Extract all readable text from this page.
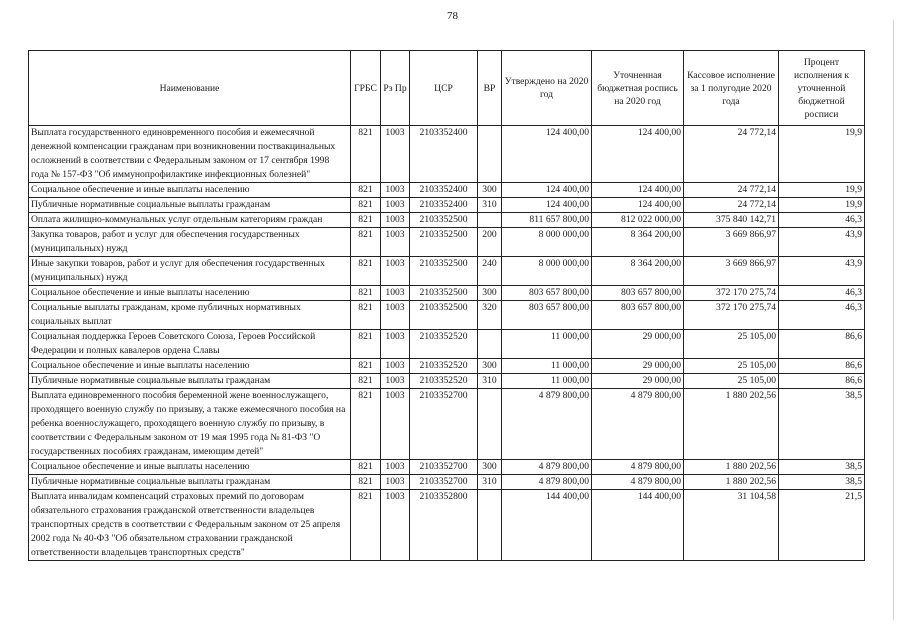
78
Наименование	ГРБС	Рз Пр	ЦСР	ВР	Утверждено на 2020 год	Уточненная бюджетная роспись на 2020 год	Кассовое исполнение за 1 полугодие 2020 года	Процент исполнения к уточненной бюджетной росписи
Выплата государственного единовременного пособия и ежемесячной денежной компенсации гражданам при возникновении поствакцинальных осложнений в соответствии с Федеральным законом от 17 сентября 1998 года № 157-ФЗ "Об иммунопрофилактике инфекционных болезней"	821	1003	2103352400		124 400,00	124 400,00	24 772,14	19,9
Социальное обеспечение и иные выплаты населению	821	1003	2103352400	300	124 400,00	124 400,00	24 772,14	19,9
Публичные нормативные социальные выплаты гражданам	821	1003	2103352400	310	124 400,00	124 400,00	24 772,14	19,9
Оплата жилищно-коммунальных услуг отдельным категориям граждан	821	1003	2103352500		811 657 800,00	812 022 000,00	375 840 142,71	46,3
Закупка товаров, работ и услуг для обеспечения государственных (муниципальных) нужд	821	1003	2103352500	200	8 000 000,00	8 364 200,00	3 669 866,97	43,9
Иные закупки товаров, работ и услуг для обеспечения государственных (муниципальных) нужд	821	1003	2103352500	240	8 000 000,00	8 364 200,00	3 669 866,97	43,9
Социальное обеспечение и иные выплаты населению	821	1003	2103352500	300	803 657 800,00	803 657 800,00	372 170 275,74	46,3
Социальные выплаты гражданам, кроме публичных нормативных социальных выплат	821	1003	2103352500	320	803 657 800,00	803 657 800,00	372 170 275,74	46,3
Социальная поддержка Героев Советского Союза, Героев Российской Федерации и полных кавалеров ордена Славы	821	1003	2103352520		11 000,00	29 000,00	25 105,00	86,6
Социальное обеспечение и иные выплаты населению	821	1003	2103352520	300	11 000,00	29 000,00	25 105,00	86,6
Публичные нормативные социальные выплаты гражданам	821	1003	2103352520	310	11 000,00	29 000,00	25 105,00	86,6
Выплата единовременного пособия беременной жене военнослужащего, проходящего военную службу по призыву, а также ежемесячного пособия на ребенка военнослужащего, проходящего военную службу по призыву, в соответствии с Федеральным законом от 19 мая 1995 года № 81-ФЗ "О государственных пособиях гражданам, имеющим детей"	821	1003	2103352700		4 879 800,00	4 879 800,00	1 880 202,56	38,5
Социальное обеспечение и иные выплаты населению	821	1003	2103352700	300	4 879 800,00	4 879 800,00	1 880 202,56	38,5
Публичные нормативные социальные выплаты гражданам	821	1003	2103352700	310	4 879 800,00	4 879 800,00	1 880 202,56	38,5
Выплата инвалидам компенсаций страховых премий по договорам обязательного страхования гражданской ответственности владельцев транспортных средств в соответствии с Федеральным законом от 25 апреля 2002 года № 40-ФЗ "Об обязательном страховании гражданской ответственности владельцев транспортных средств"	821	1003	2103352800		144 400,00	144 400,00	31 104,58	21,5
